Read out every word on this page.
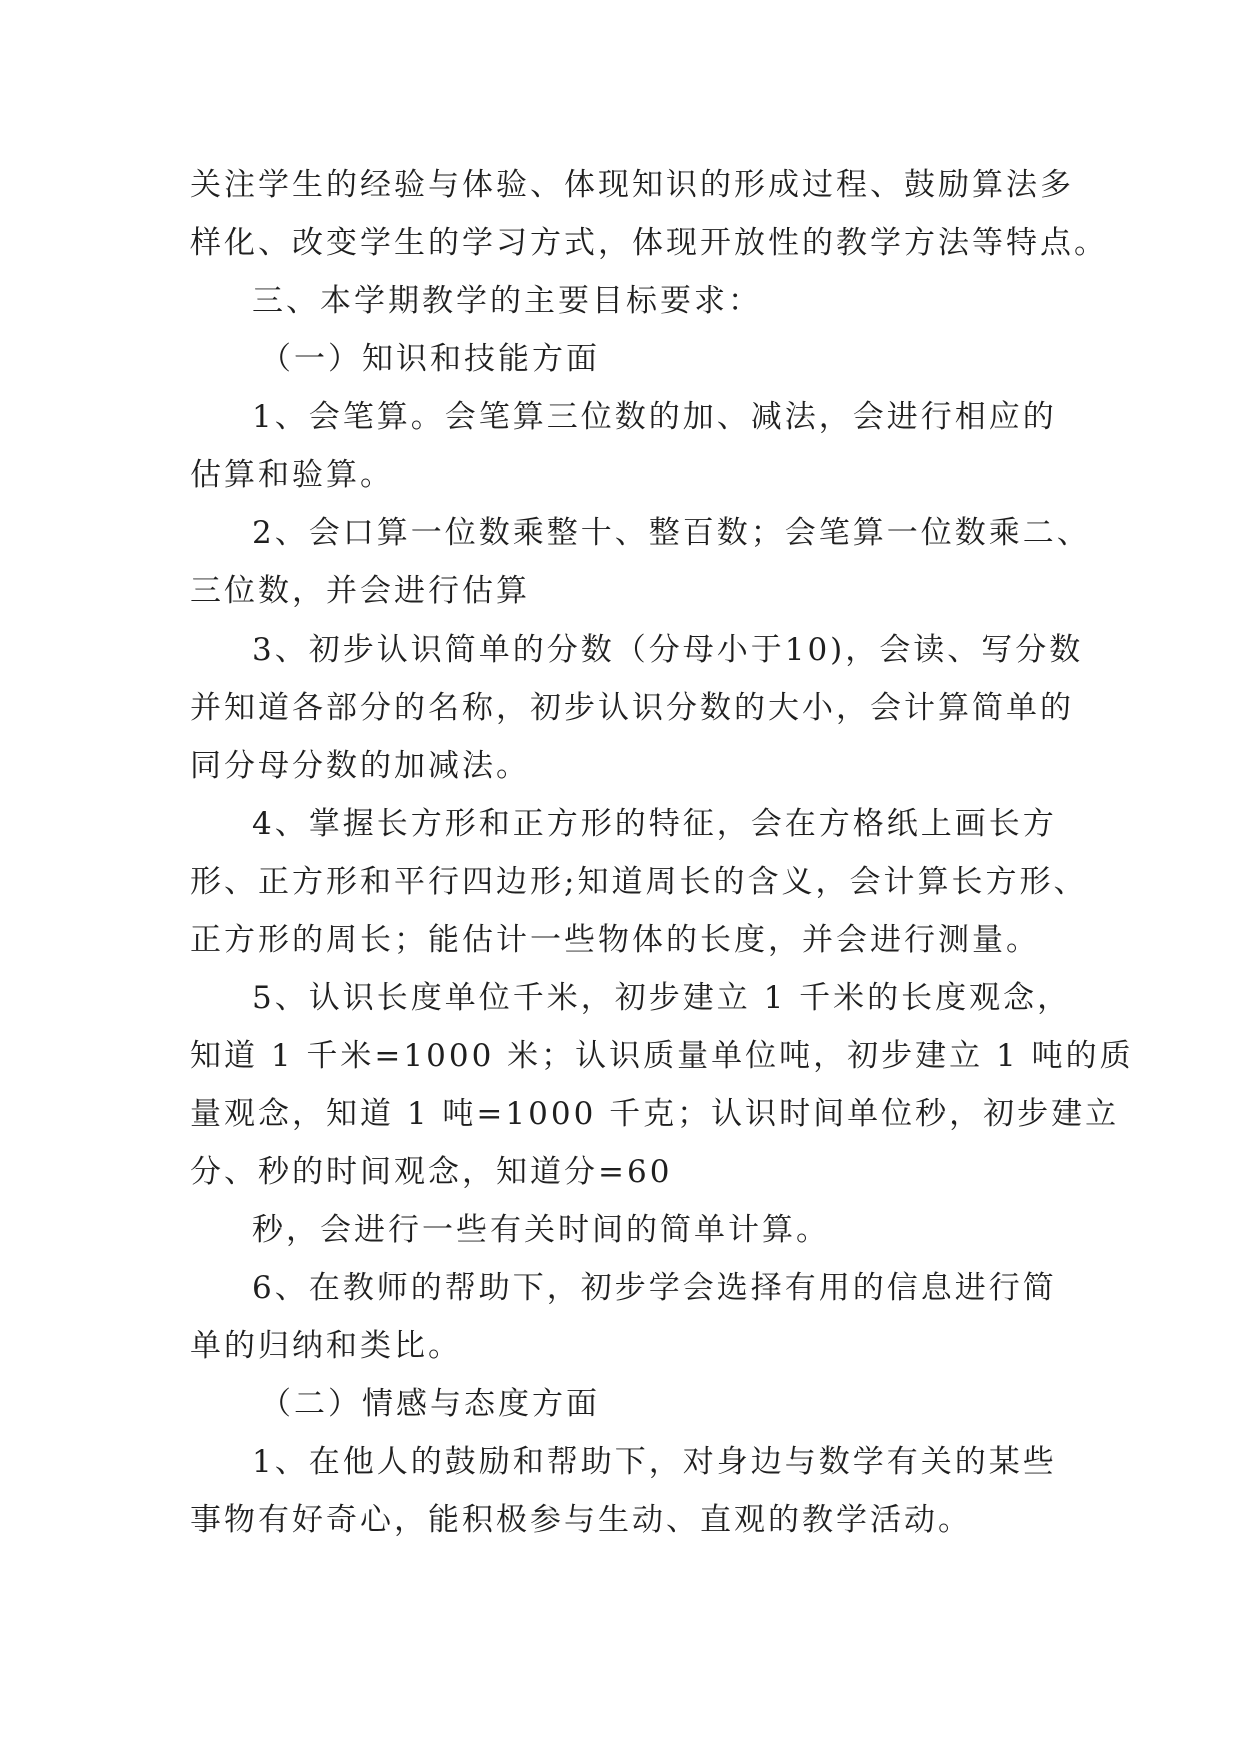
关注学生的经验与体验、体现知识的形成过程、鼓励算法多
样化、改变学生的学习方式，体现开放性的教学方法等特点。
三、本学期教学的主要目标要求：
（一）知识和技能方面
1、会笔算。会笔算三位数的加、减法，会进行相应的
估算和验算。
2、会口算一位数乘整十、整百数；会笔算一位数乘二、
三位数，并会进行估算
3、初步认识简单的分数（分母小于10)，会读、写分数
并知道各部分的名称，初步认识分数的大小，会计算简单的
同分母分数的加减法。
4、掌握长方形和正方形的特征，会在方格纸上画长方
形、正方形和平行四边形;知道周长的含义，会计算长方形、
正方形的周长；能估计一些物体的长度，并会进行测量。
5、认识长度单位千米，初步建立 1 千米的长度观念，
知道 1 千米=1000 米；认识质量单位吨，初步建立 1 吨的质
量观念，知道 1 吨=1000 千克；认识时间单位秒，初步建立
分、秒的时间观念，知道分=60
秒，会进行一些有关时间的简单计算。
6、在教师的帮助下，初步学会选择有用的信息进行简
单的归纳和类比。
（二）情感与态度方面
1、在他人的鼓励和帮助下，对身边与数学有关的某些
事物有好奇心，能积极参与生动、直观的教学活动。
